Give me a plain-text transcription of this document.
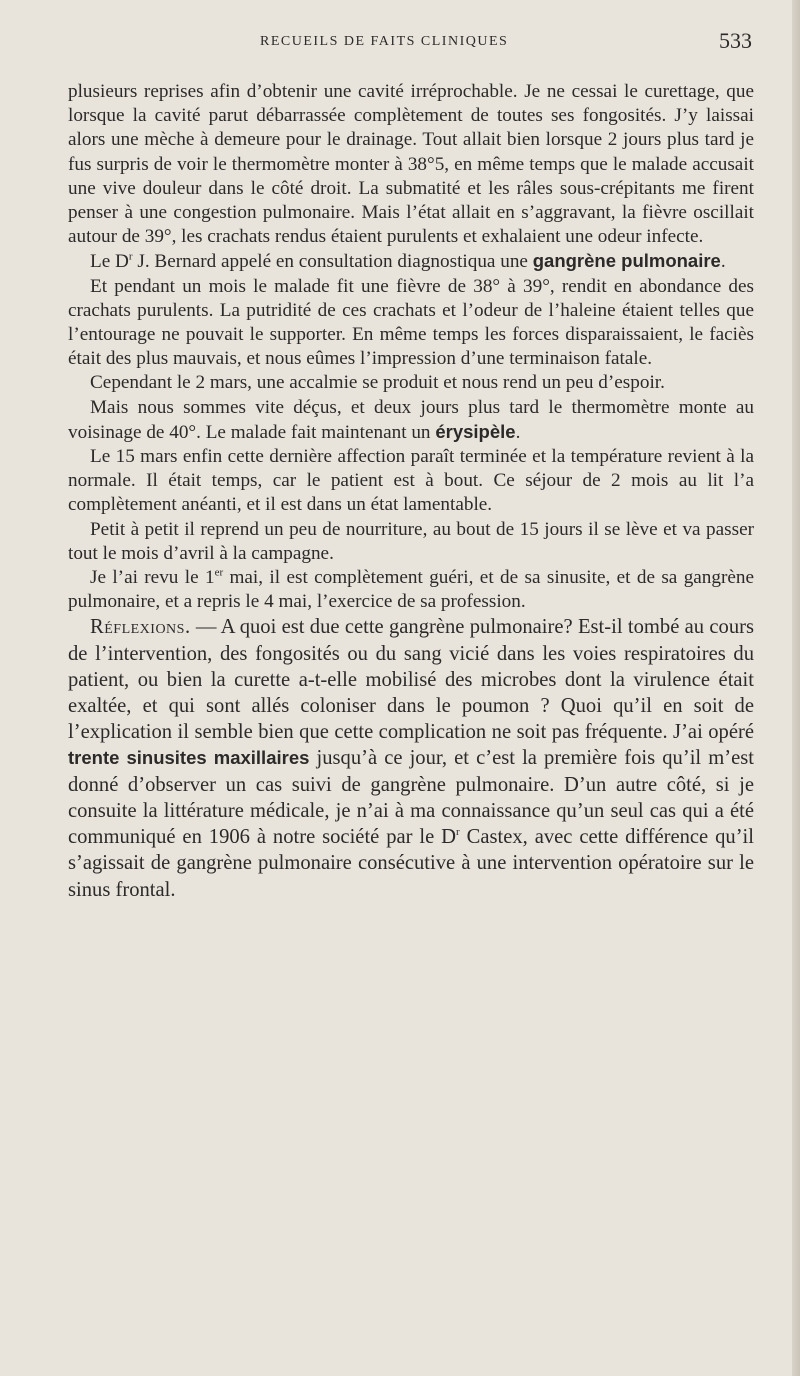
RECUEILS DE FAITS CLINIQUES	533

plusieurs reprises afin d’obtenir une cavité irréprochable. Je ne cessai le curettage, que lorsque la cavité parut débarrassée complètement de toutes ses fongosités. J’y laissai alors une mèche à demeure pour le drainage. Tout allait bien lorsque 2 jours plus tard je fus surpris de voir le thermomètre monter à 38°5, en même temps que le malade accusait une vive douleur dans le côté droit. La submatité et les râles sous-crépitants me firent penser à une congestion pulmonaire. Mais l’état allait en s’aggravant, la fièvre oscillait autour de 39°, les crachats rendus étaient purulents et exhalaient une odeur infecte.

Le $D^r$ J. Bernard appelé en consultation diagnostiqua une gangrène pulmonaire.

Et pendant un mois le malade fit une fièvre de 38° à 39°, rendit en abondance des crachats purulents. La putridité de ces crachats et l’odeur de l’haleine étaient telles que l’entourage ne pouvait le supporter. En même temps les forces disparaissaient, le faciès était des plus mauvais, et nous eûmes l’impression d’une terminaison fatale.

Cependant le 2 mars, une accalmie se produit et nous rend un peu d’espoir.

Mais nous sommes vite déçus, et deux jours plus tard le thermomètre monte au voisinage de 40°. Le malade fait maintenant un érysipèle.

Le 15 mars enfin cette dernière affection paraît terminée et la température revient à la normale. Il était temps, car le patient est à bout. Ce séjour de 2 mois au lit l’a complètement anéanti, et il est dans un état lamentable.

Petit à petit il reprend un peu de nourriture, au bout de 15 jours il se lève et va passer tout le mois d’avril à la campagne.

Je l’ai revu le 1er mai, il est complètement guéri, et de sa sinusite, et de sa gangrène pulmonaire, et a repris le 4 mai, l’exercice de sa profession.

Réflexions. — A quoi est due cette gangrène pulmonaire? Est-il tombé au cours de l’intervention, des fongosités ou du sang vicié dans les voies respiratoires du patient, ou bien la curette a-t-elle mobilisé des microbes dont la virulence était exaltée, et qui sont allés coloniser dans le poumon ? Quoi qu’il en soit de l’explication il semble bien que cette complication ne soit pas fréquente. J’ai opéré trente sinusites maxillaires jusqu’à ce jour, et c’est la première fois qu’il m’est donné d’observer un cas suivi de gangrène pulmonaire. D’un autre côté, si je consuite la littérature médicale, je n’ai à ma connaissance qu’un seul cas qui a été communiqué en 1906 à notre société par le $D^r$ Castex, avec cette différence qu’il s’agissait de gangrène pulmonaire consécutive à une intervention opératoire sur le sinus frontal.
